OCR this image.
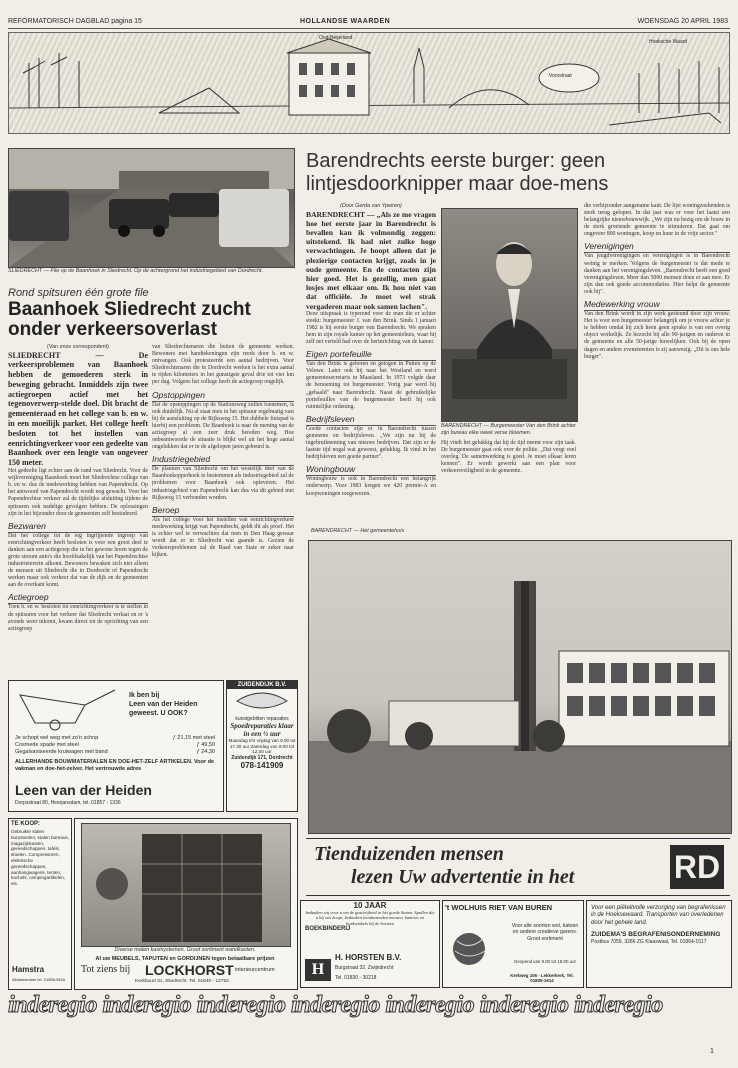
REFORMATORISCH DAGBLAD pagina 15	HOLLANDSE WAARDEN	WOENSDAG 20 APRIL 1983
Oud-Beijerland
Voorstraat
Hoeksche Waard
SLIEDRECHT — File op de Baanhoek in Sliedrecht. Op de achtergrond het industriegebied van Dordrecht.
Rond spitsuren één grote file
Baanhoek Sliedrecht zucht onder verkeersoverlast
(Van onze correspondent)

SLIEDRECHT — De verkeersproblemen van Baanhoek hebben de gemoederen sterk in beweging gebracht. Inmiddels zijn twee actiegroepen actief met het tegenoverwerp-stelde doel. Dit bracht de gemeenteraad en het college van b. en w. in een moeilijk parket. Het college heeft besloten tot het instellen van eenrichtingverkeer voor een gedeelte van Baanhoek over een lengte van ongeveer 150 meter.

Het gedeelte ligt echter aan de rand van Sliedrecht. Voor de wijkvereniging Baanhoek moet het Sliedrechtse college van b. en w. dus de medewerking hebben van Papendrecht. Op het antwoord van Papendrecht wordt nog gewacht. Voor het Papendrechtse verkeer zal de tijdelijke afsluiting tijdens de spitsuren ook nadelige gevolgen hebben. De oplossingen zijn in het bijzonder door de gemeenten zelf bestudeerd.

Bezwaren

Dat het college tot de erg ingrijpende ingreep van eenrichtingverkeer heeft besloten is voor een groot deel te danken aan een actiegroep die in het gewone leven tegen de grote stroom auto's die hoofdzakelijk van het Papendrechtse industrieterrein afkomt. Bewoners bewaken zich niet alleen de mensen uit Sliedrecht die in Dordrecht of Papendrecht werken maar ook verkeer dat van de dijk en de gemeenten aan de overkant komt.

Actiegroep

Toen b. en w. besloten tot eenrichtingverkeer is te stellen in de spitsuren voor het verkeer dat Sliedrecht verlaat en er 's avonds weer inkomt, kwam direct tot de oprichting van een actiegroep

van Sliedrechtenaren die buiten de gemeente werken. Bewoners met handtekeningen zijn reeds door b. en w. ontvangen. Ook protesteerde een aantal bedrijven. Voor Sliedrechtenaren die in Dordrecht werken is het extra aantal te rijden kilometers in het gunstigste geval drie tot vier km per dag. Volgens het college heeft de actiegroep ongelijk.

Opstoppingen

Dat de opstoppingen op de Stationsweg zullen toenemen, is ook duidelijk. Nu al staat men in het spitsuur regelmatig vast bij de aansluiting op de Rijksweg 15. Het dubbele fietspad is hierbij een probleem. De Baanhoek is naar de mening van de actiegroep al een zeer druk bereden weg. Hoe onbeantwoorde de situatie is blijkt wel uit het hoge aantal ongelukken dat er in de afgelopen jaren gebeurd is.

Industriegebied

De plannen van Sliedrecht om het westelijk deel van de Baanhoekopperhoek te bestemmen als industriegebied zal de problemen voor Baanhoek ook opleveren. Het industriegebied van Papendrecht kan dus via dit gebied met Rijksweg 15 verbonden worden.

Beroep

Als het college voor het instellen van eenrichtingverkeer medewerking krijgt van Papendrecht, geldt dit als proef. Het is echter wel te verwachten dat men in Den Haag gewaar wordt dat er in Sliedrecht wat gaande is. Gezien de verkeersproblemen zal de Raad van State er zeker naar kijken.

Barendrechts eerste burger: geen lintjesdoorknipper maar doe-mens
(Door Gerda van Ypeiren)

BARENDRECHT — „Als ze me vragen hoe het eerste jaar in Barendrecht is bevallen kan ik volmondig zeggen: uitstekend. Ik had niet zulke hoge verwachtingen. Je hoopt alleen dat je plezierige contacten krijgt, zoals in je oude gemeente. En de contacten zijn hier goed. Het is gezellig, men gaat losjes met elkaar om. Ik hou niet van dat officiële. Je moet wel strak vergaderen maar ook samen lachen".

Deze uitspraak is typerend voor de man die er achter steekt: burgemeester J. van den Brink. Sinds 1 januari 1982 is hij eerste burger van Barendrecht. We spraken hem in zijn royale kamer op het gemeentehuis, waar hij zelf net verteld had over de herinrichting van de kamer.

Eigen portefeuille

Van den Brink is geboren en getogen in Putten op de Veluwe. Later ook hij naar het Westland en werd gemeentesecretaris in Maasland. In 1973 volgde daar de benoeming tot burgemeester. Vorig jaar werd hij „gehaald" naar Barendrecht. Naast de gebruikelijke portefeuilles van de burgemeester heeft hij ook ruimtelijke ordening.

Bedrijfsleven

Goede contacten zijn er in Barendrecht tussen gemeente en bedrijfsleven. „We zijn nu bij de ingebruikneming van nieuwe bedrijven. Dat zijn er de laatste tijd nogal wat geweest, gelukkig. Ik vind in het bedrijfsleven een goede partner".

Woningbouw

Woningbouw is ook in Barendrecht een belangrijk onderwerp. Voor 1983 kregen we 420 premie-A en koopwoningen toegewezen.

BARENDRECHT — Burgemeester Van den Brink achter zijn bureau elke week verse bloemen.

Hij vindt het gelukkig dat hij de tijd neemt voor zijn taak. De burgemeester gaat ook over de politie. „Dat vergt veel overleg. De samenwerking is goed. Je moet elkaar leren kennen". Er wordt gewerkt aan een plan voor verkeersveiligheid in de gemeente.

die verbijzonder aangename kant. De lijst woningzoekenden is sterk terug gelopen. In dat jaar was er voor het laatst een belangrijke nieuwbouwwijk. „We zijn nu bezig om de bouw in de sterk groeiende gemeente te stimuleren. Dat gaat om ongeveer 800 woningen, koop en huur in de vrije sector."

Verenigingen

Van jeugdverenigingen en verenigingen is in Barendrecht weinig te merken. Volgens de burgemeester is dat mede te danken aan het verenigingsleven. „Barendrecht heeft een goed verenigingsleven. Meer dan 5000 mensen doen er aan mee. Er zijn dan ook goede accommodaties. Hier helpt de gemeente ook bij".

Medewerking vrouw

Van den Brink wordt in zijn werk gesteund door zijn vrouw. Het is voor een burgemeester belangrijk om je vrouw achter je te hebben omdat hij zich heen geen sprake is van een overig object werkelijk. Ze bezocht bij alle 90-jarigen en ouderen in de gemeente en alle 50-jarige huwelijken. Ook bij de open dagen en andere evenementen is zij aanwezig. „Dit is ons hele burger".

BARENDRECHT — Het gemeentehuis
Ik ben bij
Leen van der Heiden
geweest. U OOK?
Je schopt wel weg met zo'n schop	ƒ 21,15 met steel
Cosmede spade met steel	ƒ 49,50
Gegalvaniseerde kruiwagen met band	ƒ 24,30
ALLERHANDE BOUWMATERIALEN EN DOE-HET-ZELF ARTIKELEN. Voor de vakman en doe-het-zelver. Het vertrouwde adres
Leen van der Heiden
Dorpsstraat 80, Heerjansdam, tel. 01857 - 1336
ZUIDENDIJK B.V.
kunstgebitten reparaties
Spoedreparaties klaar in een ½ uur
Maandag t/m vrijdag van 9.00 tot 17.30 uur Zaterdag van 9.00 tot 12.00 uur
Zuidendijk 171, Dordrecht
078-141909
TE KOOP:
Gebruikte stalen burostoelen, stalen bureaus, magazijnkasten, gereedschappen, tafels, stoelen. Compressoren, elektrische gereedschappen, aanhangwagens, tenten, kachels, campingartikelen, etc.
Hamstra
Alblasserdam tel. 01859-5516
Diverse maten kastsystemen. Groot sortiment wandkasten.
Al uw MEUBELS, TAPIJTEN en GORDIJNEN tegen betaalbare prijzen
Tot ziens bij LOCKHORST interieurcentrum
Kerkbuurt 31, Sliedrecht. Tel. 01840 - 12752.
Tienduizenden mensen
lezen Uw advertentie in het	RD
10 JAAR
bedanken wij voor u om de gastvrijheid in het goede Staten. Spullen die u bij ons koopt, bedanken tienduizenden mensen, kantoor en boekwinkels bij de horsten
BOEKBINDERIJ
H
H. HORSTEN B.V.
Burgstraat 32, Zwijndrecht
Tel. 01830 - 30218
't WOLHUIS RIET VAN BUREN
Voor alle soorten wol, katoen en andere creatieve garens. Groot sortiment
Geopend van 9.00 tot 18.00 uur
Kerkweg 106 - Lekkerkerk, Tel. 01805-1614
Voor een piëteitvolle verzorging van begrafenissen in de Hoeksewaard. Transporten van overledenen door het gehele land.
ZUIDEMA'S BEGRAFENISONDERNEMING
Postbus 7059, 3286 ZG Klaaswaal, Tel. 01864-1517
inderegio inderegio inderegio inderegio inderegio inderegio inderegio
1
